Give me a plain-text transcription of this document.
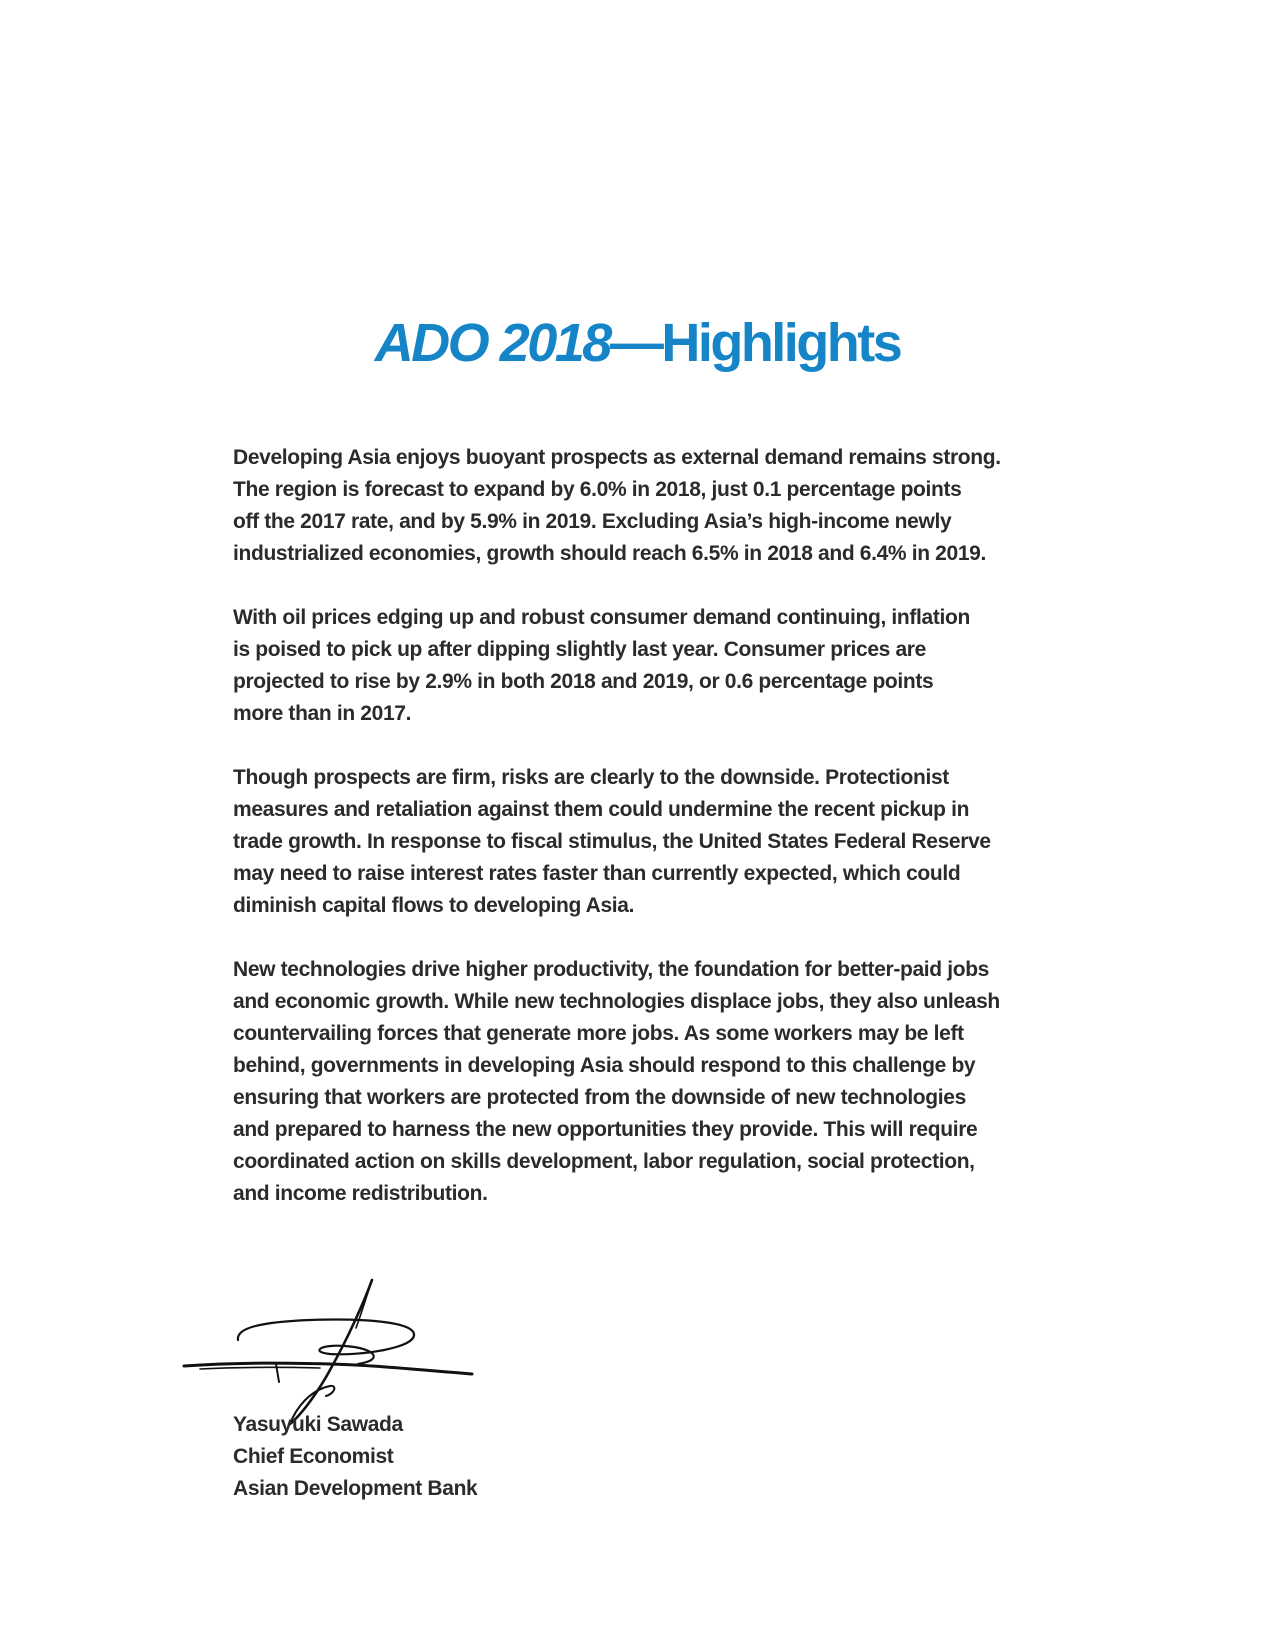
ADO 2018—Highlights

Developing Asia enjoys buoyant prospects as external demand remains strong.
The region is forecast to expand by 6.0% in 2018, just 0.1 percentage points
off the 2017 rate, and by 5.9% in 2019. Excluding Asia’s high-income newly
industrialized economies, growth should reach 6.5% in 2018 and 6.4% in 2019.

With oil prices edging up and robust consumer demand continuing, inflation
is poised to pick up after dipping slightly last year. Consumer prices are
projected to rise by 2.9% in both 2018 and 2019, or 0.6 percentage points
more than in 2017.

Though prospects are firm, risks are clearly to the downside. Protectionist
measures and retaliation against them could undermine the recent pickup in
trade growth. In response to fiscal stimulus, the United States Federal Reserve
may need to raise interest rates faster than currently expected, which could
diminish capital flows to developing Asia.

New technologies drive higher productivity, the foundation for better-paid jobs
and economic growth. While new technologies displace jobs, they also unleash
countervailing forces that generate more jobs. As some workers may be left
behind, governments in developing Asia should respond to this challenge by
ensuring that workers are protected from the downside of new technologies
and prepared to harness the new opportunities they provide. This will require
coordinated action on skills development, labor regulation, social protection,
and income redistribution.

Yasuyuki Sawada
Chief Economist
Asian Development Bank
